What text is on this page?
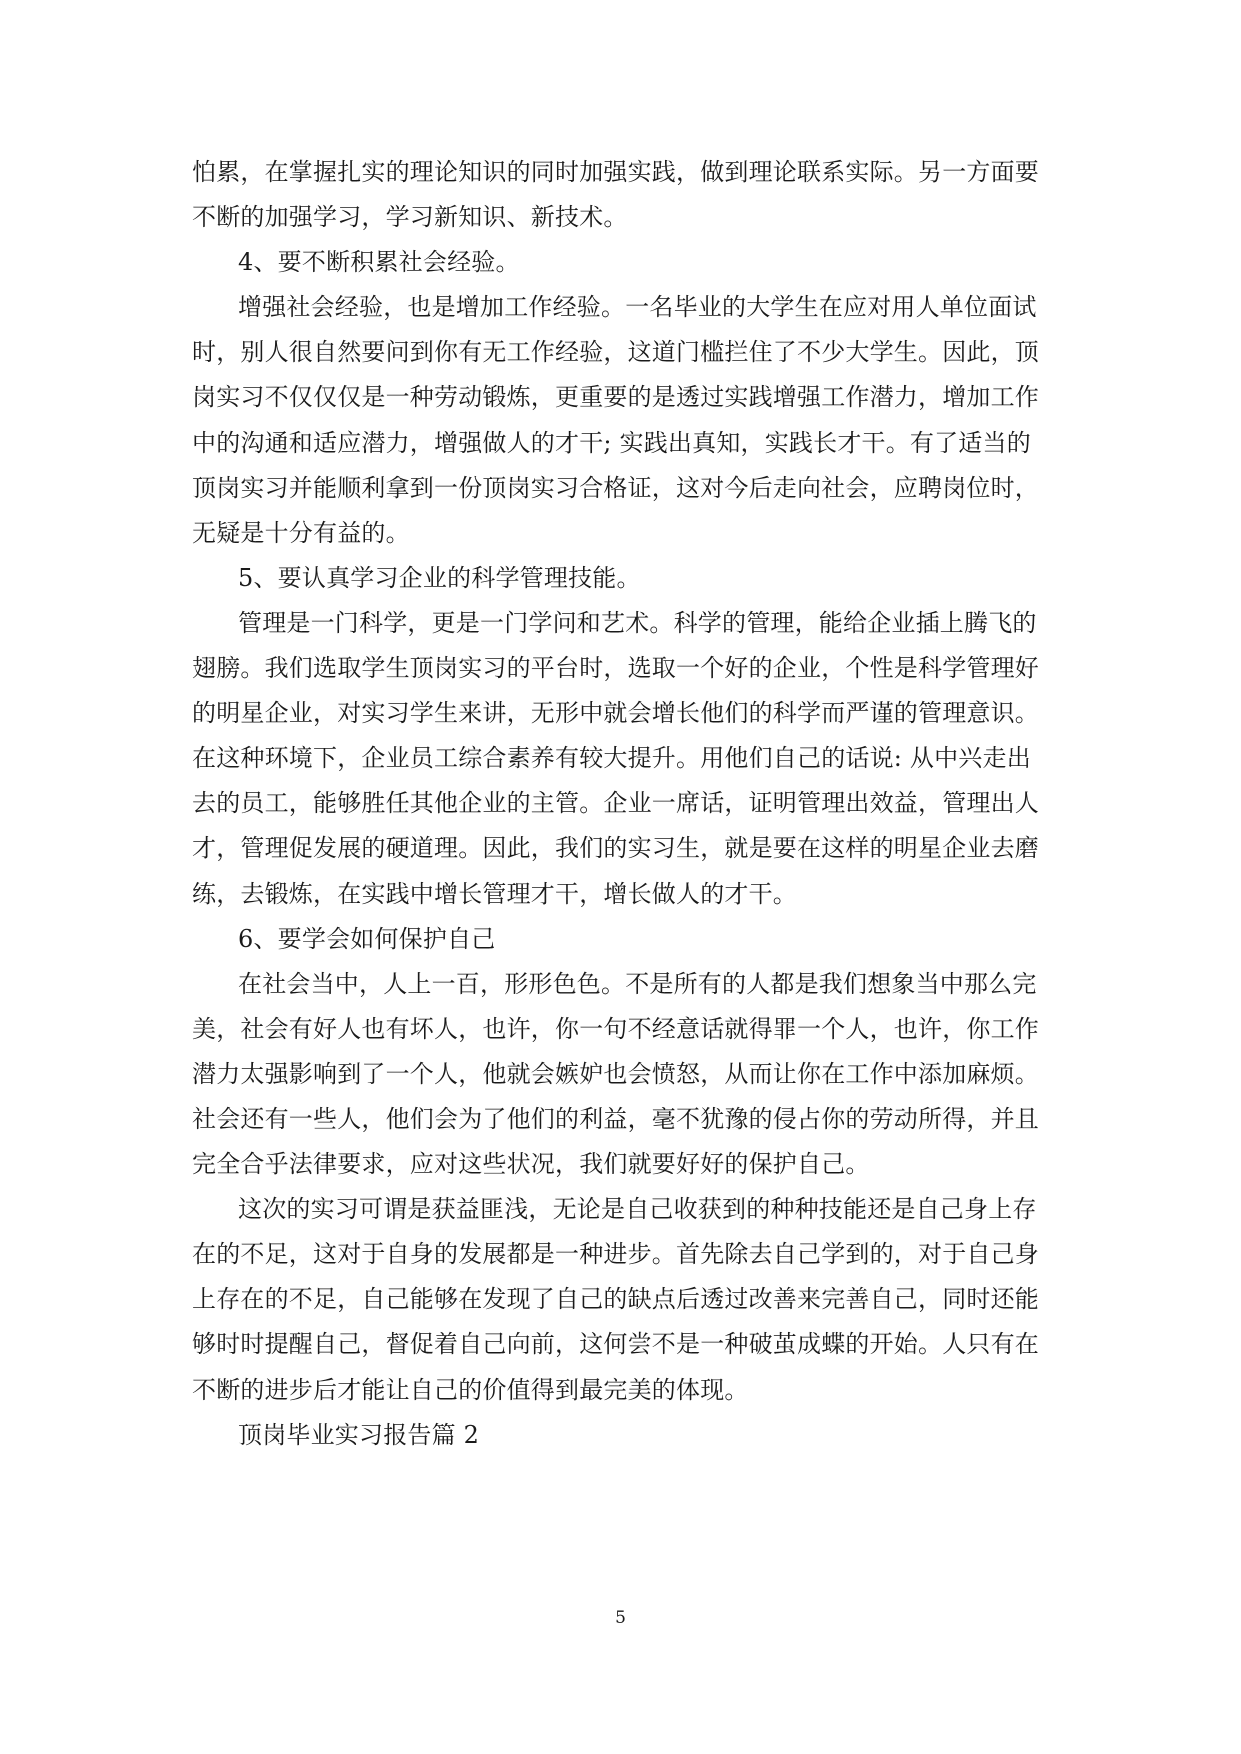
怕累，在掌握扎实的理论知识的同时加强实践，做到理论联系实际。另一方面要
不断的加强学习，学习新知识、新技术。
4、要不断积累社会经验。
增强社会经验，也是增加工作经验。一名毕业的大学生在应对用人单位面试
时，别人很自然要问到你有无工作经验，这道门槛拦住了不少大学生。因此，顶
岗实习不仅仅仅是一种劳动锻炼，更重要的是透过实践增强工作潜力，增加工作
中的沟通和适应潜力，增强做人的才干; 实践出真知，实践长才干。有了适当的
顶岗实习并能顺利拿到一份顶岗实习合格证，这对今后走向社会，应聘岗位时，
无疑是十分有益的。
5、要认真学习企业的科学管理技能。
管理是一门科学，更是一门学问和艺术。科学的管理，能给企业插上腾飞的
翅膀。我们选取学生顶岗实习的平台时，选取一个好的企业，个性是科学管理好
的明星企业，对实习学生来讲，无形中就会增长他们的科学而严谨的管理意识。
在这种环境下，企业员工综合素养有较大提升。用他们自己的话说: 从中兴走出
去的员工，能够胜任其他企业的主管。企业一席话，证明管理出效益，管理出人
才，管理促发展的硬道理。因此，我们的实习生，就是要在这样的明星企业去磨
练，去锻炼，在实践中增长管理才干，增长做人的才干。
6、要学会如何保护自己
在社会当中，人上一百，形形色色。不是所有的人都是我们想象当中那么完
美，社会有好人也有坏人，也许，你一句不经意话就得罪一个人，也许，你工作
潜力太强影响到了一个人，他就会嫉妒也会愤怒，从而让你在工作中添加麻烦。
社会还有一些人，他们会为了他们的利益，毫不犹豫的侵占你的劳动所得，并且
完全合乎法律要求，应对这些状况，我们就要好好的保护自己。
这次的实习可谓是获益匪浅，无论是自己收获到的种种技能还是自己身上存
在的不足，这对于自身的发展都是一种进步。首先除去自己学到的，对于自己身
上存在的不足，自己能够在发现了自己的缺点后透过改善来完善自己，同时还能
够时时提醒自己，督促着自己向前，这何尝不是一种破茧成蝶的开始。人只有在
不断的进步后才能让自己的价值得到最完美的体现。
顶岗毕业实习报告篇 2
5
